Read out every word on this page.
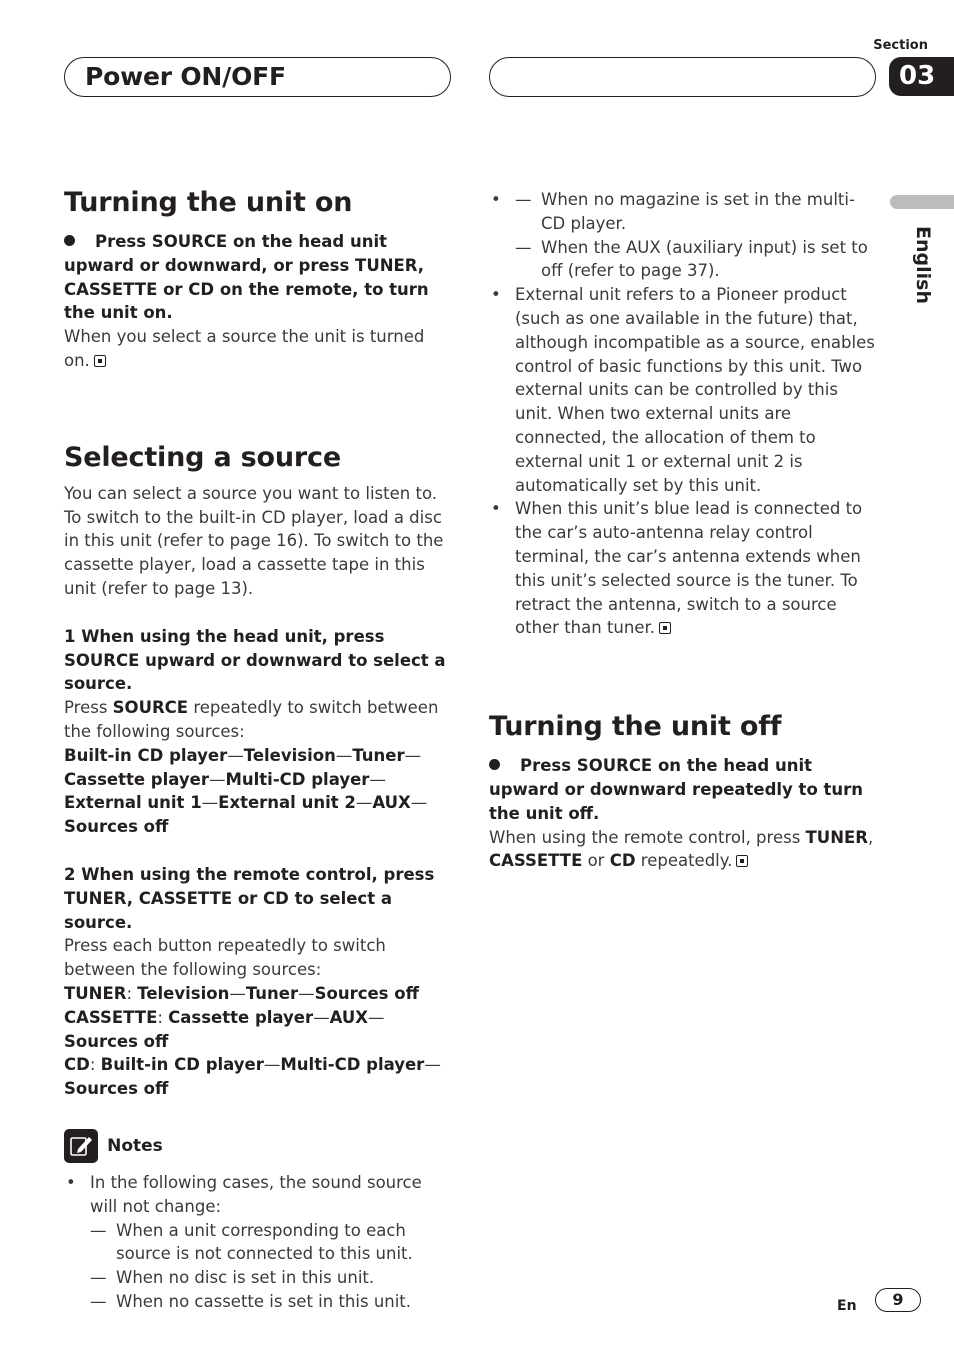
Power ON/OFF
Section
03
English
Turning the unit on

Press SOURCE on the head unit upward or downward, or press TUNER, CASSETTE or CD on the remote, to turn the unit on.

When you select a source the unit is turned on.

Selecting a source

You can select a source you want to listen to. To switch to the built-in CD player, load a disc in this unit (refer to page 16). To switch to the cassette player, load a cassette tape in this unit (refer to page 13).

1 When using the head unit, press SOURCE upward or downward to select a source.

Press SOURCE repeatedly to switch between the following sources:

Built-in CD player—Television—Tuner— Cassette player—Multi-CD player—External unit 1—External unit 2—AUX—Sources off

2 When using the remote control, press TUNER, CASSETTE or CD to select a source.

Press each button repeatedly to switch between the following sources:

TUNER: Television—Tuner—Sources off

CASSETTE: Cassette player—AUX—Sources off

CD: Built-in CD player—Multi-CD player—Sources off

Notes
• In the following cases, the sound source will not change:
— When a unit corresponding to each source is not connected to this unit.
— When no disc is set in this unit.
— When no cassette is set in this unit.
— • When no magazine is set in the multi-CD player.
— When the AUX (auxiliary input) is set to off (refer to page 37).
• External unit refers to a Pioneer product (such as one available in the future) that, although incompatible as a source, enables control of basic functions by this unit. Two external units can be controlled by this unit. When two external units are connected, the allocation of them to external unit 1 or external unit 2 is automatically set by this unit.
• When this unit’s blue lead is connected to the car’s auto-antenna relay control terminal, the car’s antenna extends when this unit’s selected source is the tuner. To retract the antenna, switch to a source other than tuner.
Turning the unit off

Press SOURCE on the head unit upward or downward repeatedly to turn the unit off.

When using the remote control, press TUNER, CASSETTE or CD repeatedly.

En	9
